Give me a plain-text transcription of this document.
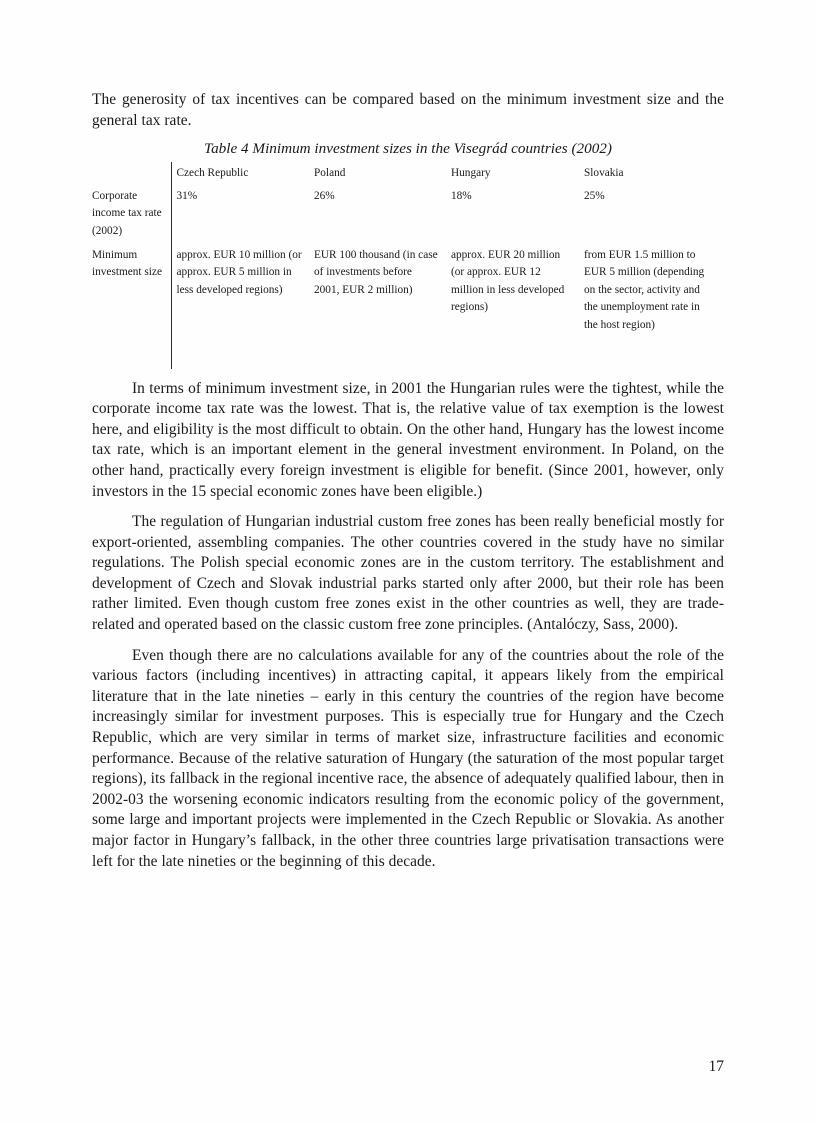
The generosity of tax incentives can be compared based on the minimum investment size and the general tax rate.

Table 4 Minimum investment sizes in the Visegrád countries (2002)

	Czech Republic	Poland	Hungary	Slovakia
Corporate income tax rate (2002)	31%	26%	18%	25%
Minimum investment size	approx. EUR 10 million (or approx. EUR 5 million in less developed regions)	EUR 100 thousand (in case of investments before 2001, EUR 2 million)	approx. EUR 20 million (or approx. EUR 12 million in less developed regions)	from EUR 1.5 million to EUR 5 million (depending on the sector, activity and the unemployment rate in the host region)

In terms of minimum investment size, in 2001 the Hungarian rules were the tightest, while the corporate income tax rate was the lowest. That is, the relative value of tax exemption is the lowest here, and eligibility is the most difficult to obtain. On the other hand, Hungary has the lowest income tax rate, which is an important element in the general investment environment. In Poland, on the other hand, practically every foreign investment is eligible for benefit. (Since 2001, however, only investors in the 15 special economic zones have been eligible.)

The regulation of Hungarian industrial custom free zones has been really beneficial mostly for export-oriented, assembling companies. The other countries covered in the study have no similar regulations. The Polish special economic zones are in the custom territory. The establishment and development of Czech and Slovak industrial parks started only after 2000, but their role has been rather limited. Even though custom free zones exist in the other countries as well, they are trade-related and operated based on the classic custom free zone principles. (Antalóczy, Sass, 2000).

Even though there are no calculations available for any of the countries about the role of the various factors (including incentives) in attracting capital, it appears likely from the empirical literature that in the late nineties – early in this century the countries of the region have become increasingly similar for investment purposes. This is especially true for Hungary and the Czech Republic, which are very similar in terms of market size, infrastructure facilities and economic performance. Because of the relative saturation of Hungary (the saturation of the most popular target regions), its fallback in the regional incentive race, the absence of adequately qualified labour, then in 2002-03 the worsening economic indicators resulting from the economic policy of the government, some large and important projects were implemented in the Czech Republic or Slovakia. As another major factor in Hungary’s fallback, in the other three countries large privatisation transactions were left for the late nineties or the beginning of this decade.

17
